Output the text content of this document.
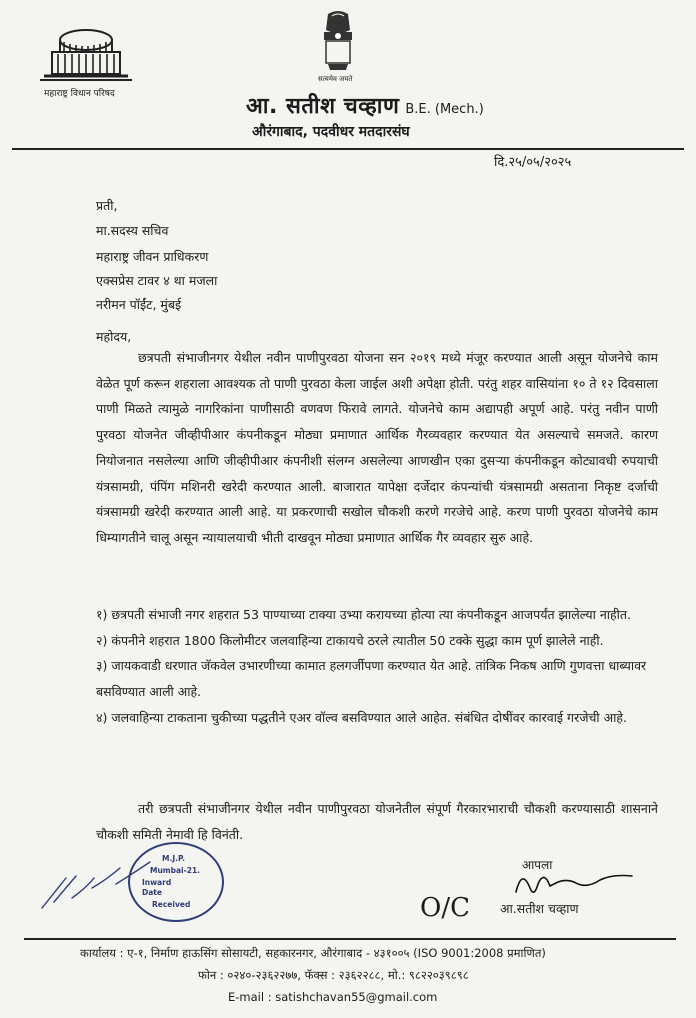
महाराष्ट्र विधान परिषद
सत्यमेव जयते
आ. सतीश चव्हाण B.E. (Mech.)
औरंगाबाद, पदवीधर मतदारसंघ
दि.२५/०५/२०२५
प्रती,
मा.सदस्य सचिव
महाराष्ट्र जीवन प्राधिकरण
एक्सप्रेस टावर ४ था मजला
नरीमन पॉईंट, मुंबई
महोदय,
छत्रपती संभाजीनगर येथील नवीन पाणीपुरवठा योजना सन २०१९ मध्ये मंजूर करण्यात आली असून योजनेचे काम वेळेत पूर्ण करून शहराला आवश्यक तो पाणी पुरवठा केला जाईल अशी अपेक्षा होती. परंतु शहर वासियांना १० ते १२ दिवसाला पाणी मिळते त्यामुळे नागरिकांना पाणीसाठी वणवण फिरावे लागते. योजनेचे काम अद्यापही अपूर्ण आहे. परंतु नवीन पाणी पुरवठा योजनेत जीव्हीपीआर कंपनीकडून मोठ्या प्रमाणात आर्थिक गैरव्यवहार करण्यात येत असल्याचे समजते. कारण नियोजनात नसलेल्या आणि जीव्हीपीआर कंपनीशी संलग्न असलेल्या आणखीन एका दुसऱ्या कंपनीकडून कोट्यावधी रुपयाची यंत्रसामग्री, पंपिंग मशिनरी खरेदी करण्यात आली. बाजारात यापेक्षा दर्जेदार कंपन्यांची यंत्रसामग्री असताना निकृष्ट दर्जाची यंत्रसामग्री खरेदी करण्यात आली आहे. या प्रकरणाची सखोल चौकशी करणे गरजेचे आहे. करण पाणी पुरवठा योजनेचे काम धिम्यागतीने चालू असून न्यायालयाची भीती दाखवून मोठ्या प्रमाणात आर्थिक गैर व्यवहार सुरु आहे.
१) छत्रपती संभाजी नगर शहरात 53 पाण्याच्या टाक्या उभ्या करायच्या होत्या त्या कंपनीकडून आजपर्यंत झालेल्या नाहीत.
२) कंपनीने शहरात 1800 किलोमीटर जलवाहिन्या टाकायचे ठरले त्यातील 50 टक्के सुद्धा काम पूर्ण झालेले नाही.
३) जायकवाडी धरणात जॅकवेल उभारणीच्या कामात हलगर्जीपणा करण्यात येत आहे. तांत्रिक निकष आणि गुणवत्ता धाब्यावर बसविण्यात आली आहे.
४) जलवाहिन्या टाकताना चुकीच्या पद्धतीने एअर वॉल्व बसविण्यात आले आहेत. संबंधित दोषींवर कारवाई गरजेची आहे.
तरी छत्रपती संभाजीनगर येथील नवीन पाणीपुरवठा योजनेतील संपूर्ण गैरकारभाराची चौकशी करण्यासाठी शासनाने चौकशी समिती नेमावी हि विनंती.
M.J.P.
Mumbai-21.
Inward
Date
Received	O/C
आपला
आ.सतीश चव्हाण
कार्यालय : ए-१, निर्माण हाऊसिंग सोसायटी, सहकारनगर, औरंगाबाद - ४३१००५ (ISO 9001:2008 प्रमाणित)
फोन : ०२४०-२३६२२७७, फॅक्स : २३६२२८८, मो.: ९८२२०३९८९८
E-mail : satishchavan55@gmail.com
